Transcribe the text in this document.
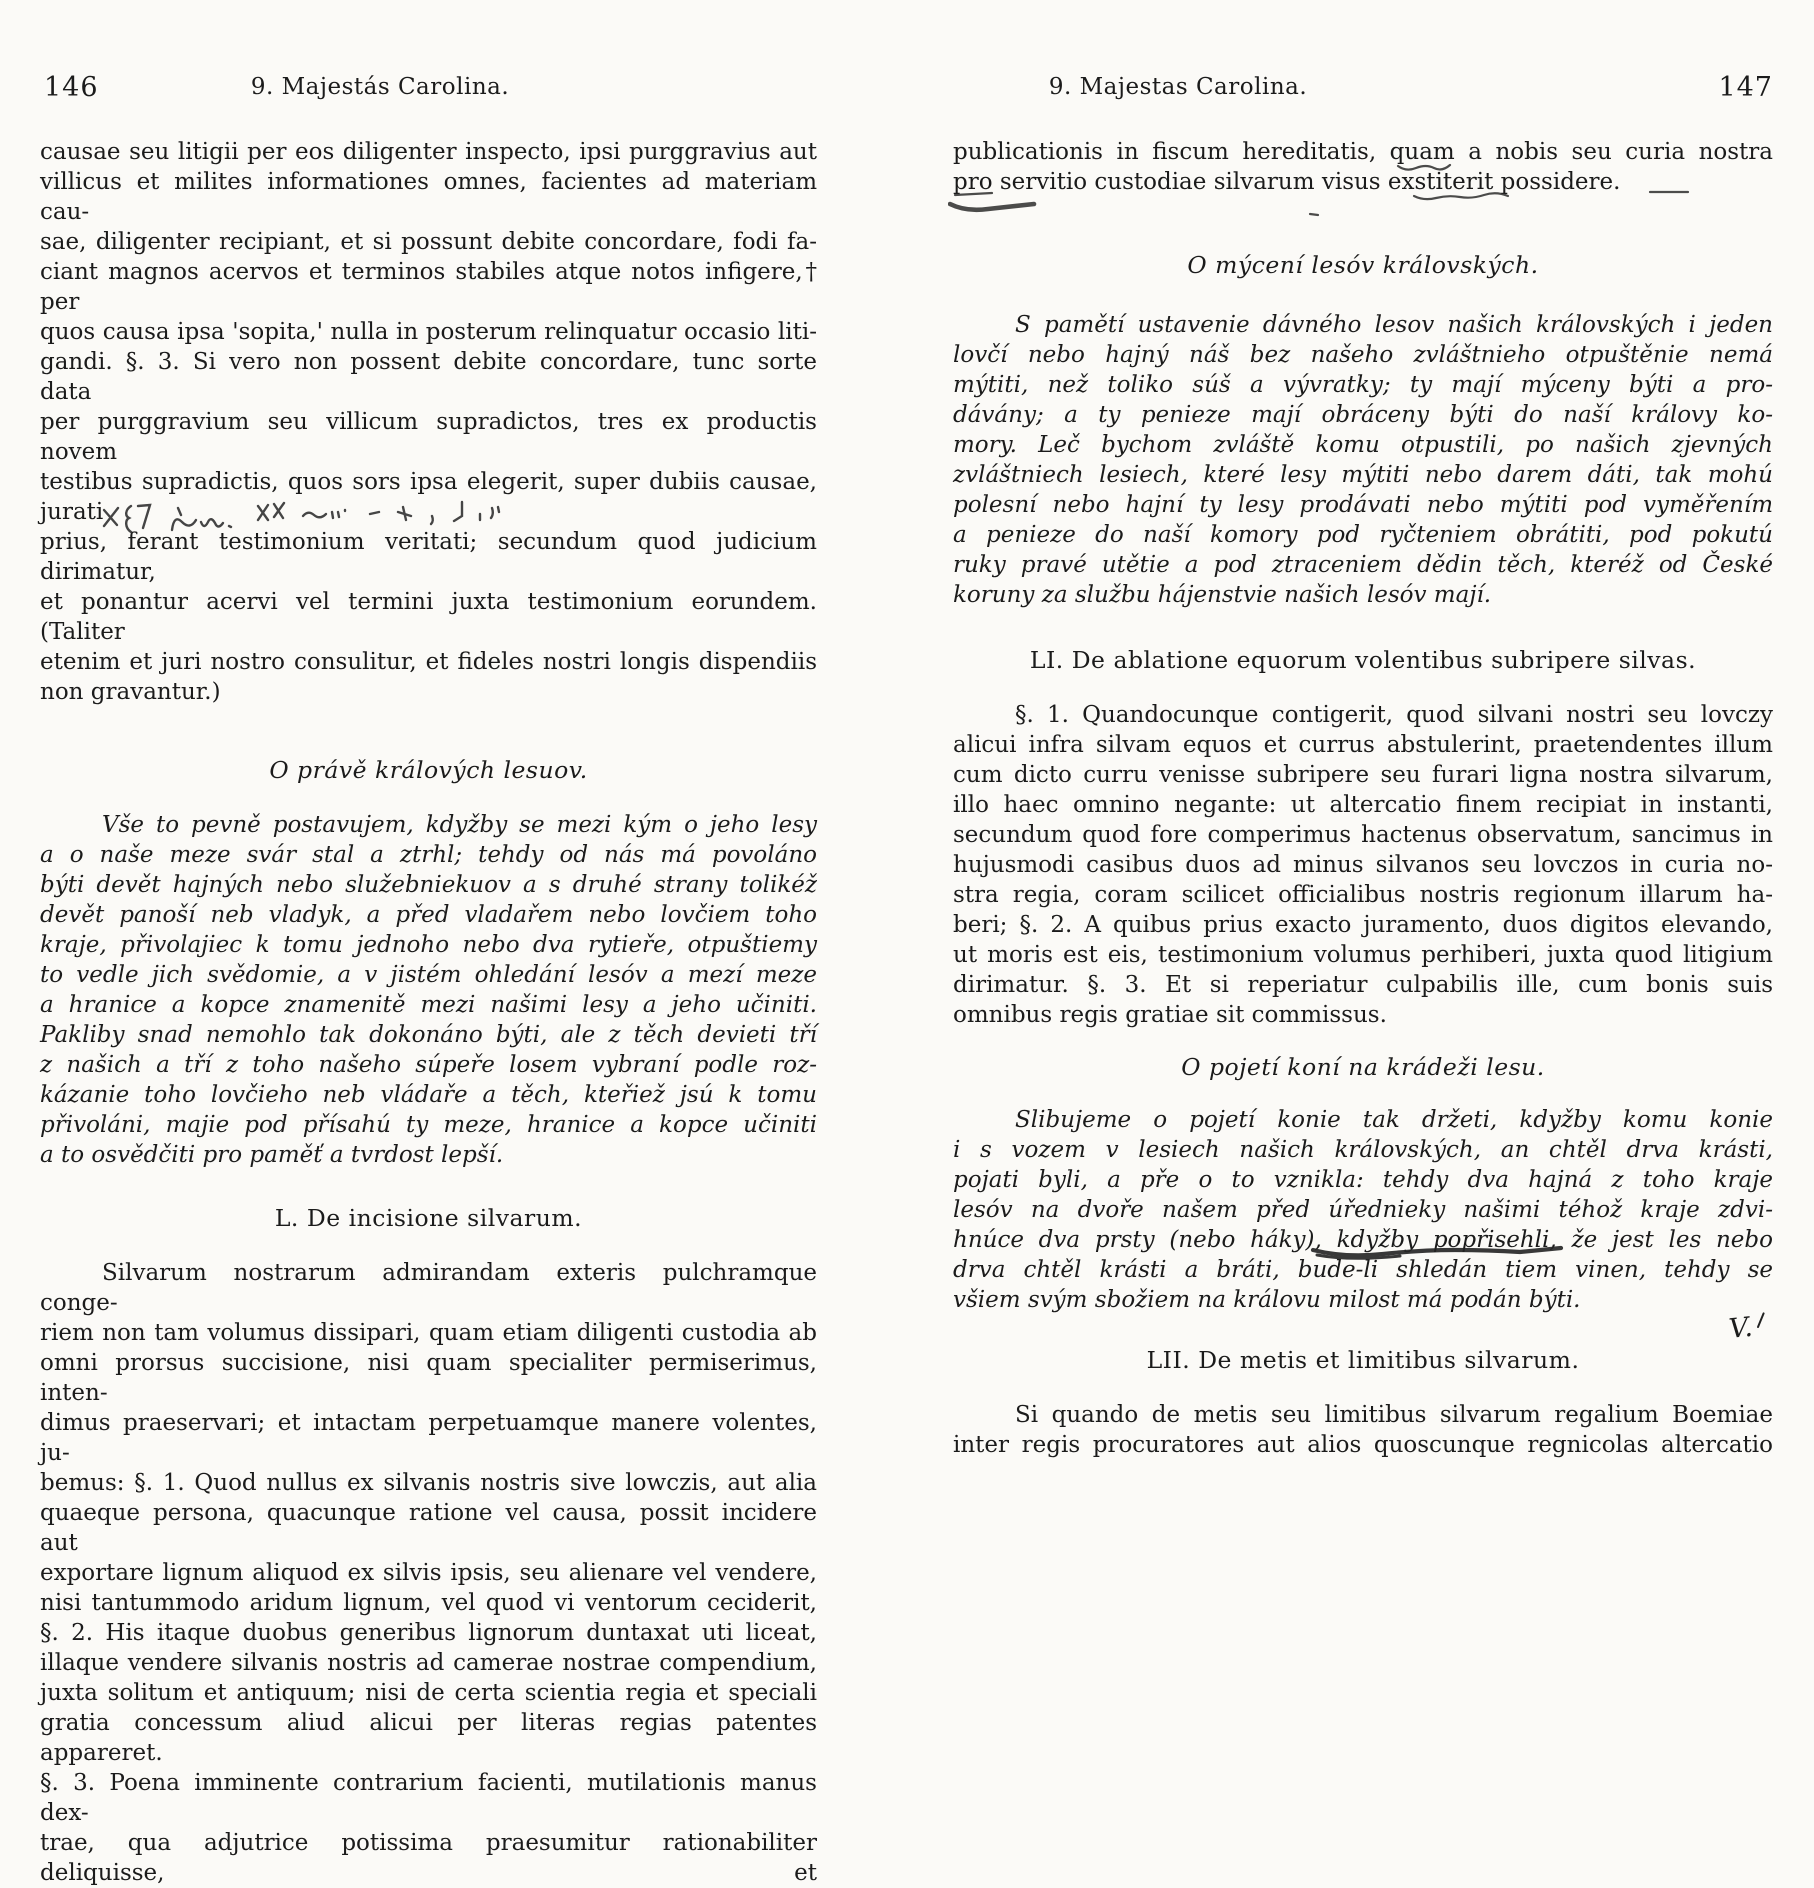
146	9. Majestás Carolina.
causae seu litigii per eos diligenter inspecto, ipsi purggravius aut
villicus et milites informationes omnes, facientes ad materiam cau-
sae, diligenter recipiant, et si possunt debite concordare, fodi fa-
ciant magnos acervos et terminos stabiles atque notos infigere,† per
quos causa ipsa 'sopita,' nulla in posterum relinquatur occasio liti-
gandi. §. 3. Si vero non possent debite concordare, tunc sorte data
per purggravium seu villicum supradictos, tres ex productis novem
testibus supradictis, quos sors ipsa elegerit, super dubiis causae, jurati
prius, ferant testimonium veritati; secundum quod judicium dirimatur,
et ponantur acervi vel termini juxta testimonium eorundem. (Taliter
etenim et juri nostro consulitur, et fideles nostri longis dispendiis
non gravantur.)
O právě králových lesuov.
Vše to pevně postavujem, kdyžby se mezi kým o jeho lesy
a o naše meze svár stal a ztrhl; tehdy od nás má povoláno
býti devět hajných nebo služebniekuov a s druhé strany tolikéž
devět panoší neb vladyk, a před vladařem nebo lovčiem toho
kraje, přivolajiec k tomu jednoho nebo dva rytieře, otpuštiemy
to vedle jich svědomie, a v jistém ohledání lesóv a mezí meze
a hranice a kopce znamenitě mezi našimi lesy a jeho učiniti.
Pakliby snad nemohlo tak dokonáno býti, ale z těch devieti tří
z našich a tří z toho našeho súpeře losem vybraní podle roz-
kázanie toho lovčieho neb vládaře a těch, kteřiež jsú k tomu
přivoláni, majie pod přísahú ty meze, hranice a kopce učiniti
a to osvědčiti pro paměť a tvrdost lepší.
L. De incisione silvarum.
Silvarum nostrarum admirandam exteris pulchramque conge-
riem non tam volumus dissipari, quam etiam diligenti custodia ab
omni prorsus succisione, nisi quam specialiter permiserimus, inten-
dimus praeservari; et intactam perpetuamque manere volentes, ju-
bemus: §. 1. Quod nullus ex silvanis nostris sive lowczis, aut alia
quaeque persona, quacunque ratione vel causa, possit incidere aut
exportare lignum aliquod ex silvis ipsis, seu alienare vel vendere,
nisi tantummodo aridum lignum, vel quod vi ventorum ceciderit,
§. 2. His itaque duobus generibus lignorum duntaxat uti liceat,
illaque vendere silvanis nostris ad camerae nostrae compendium,
juxta solitum et antiquum; nisi de certa scientia regia et speciali
gratia concessum aliud alicui per literas regias patentes appareret.
§. 3. Poena imminente contrarium facienti, mutilationis manus dex-
trae, qua adjutrice potissima praesumitur rationabiliter deliquisse, et
9. Majestas Carolina.	147
publicationis in fiscum hereditatis, quam a nobis seu curia nostra
pro servitio custodiae silvarum visus exstiterit possidere.
O mýcení lesóv královských.
S pamětí ustavenie dávného lesov našich královských i jeden
lovčí nebo hajný náš bez našeho zvláštnieho otpuštěnie nemá
mýtiti, než toliko súš a vývratky; ty mají mýceny býti a pro-
dávány; a ty penieze mají obráceny býti do naší královy ko-
mory. Leč bychom zvláště komu otpustili, po našich zjevných
zvláštniech lesiech, které lesy mýtiti nebo darem dáti, tak mohú
polesní nebo hajní ty lesy prodávati nebo mýtiti pod vyměřením
a penieze do naší komory pod ryčteniem obrátiti, pod pokutú
ruky pravé utětie a pod ztraceniem dědin těch, kteréž od České
koruny za službu hájenstvie našich lesóv mají.
LI. De ablatione equorum volentibus subripere silvas.
§. 1. Quandocunque contigerit, quod silvani nostri seu lovczy
alicui infra silvam equos et currus abstulerint, praetendentes illum
cum dicto curru venisse subripere seu furari ligna nostra silvarum,
illo haec omnino negante: ut altercatio finem recipiat in instanti,
secundum quod fore comperimus hactenus observatum, sancimus in
hujusmodi casibus duos ad minus silvanos seu lovczos in curia no-
stra regia, coram scilicet officialibus nostris regionum illarum ha-
beri; §. 2. A quibus prius exacto juramento, duos digitos elevando,
ut moris est eis, testimonium volumus perhiberi, juxta quod litigium
dirimatur. §. 3. Et si reperiatur culpabilis ille, cum bonis suis
omnibus regis gratiae sit commissus.
O pojetí koní na krádeži lesu.
Slibujeme o pojetí konie tak držeti, kdyžby komu konie
i s vozem v lesiech našich královských, an chtěl drva krásti,
pojati byli, a pře o to vznikla: tehdy dva hajná z toho kraje
lesóv na dvoře našem před úřednieky našimi téhož kraje zdvi-
hnúce dva prsty (nebo háky), kdyžby popřisehli, že jest les nebo
drva chtěl krásti a bráti, bude-li shledán tiem vinen, tehdy se
všiem svým sbožiem na královu milost má podán býti.
LII. De metis et limitibus silvarum.
V.
Si quando de metis seu limitibus silvarum regalium Boemiae
inter regis procuratores aut alios quoscunque regnicolas altercatio
